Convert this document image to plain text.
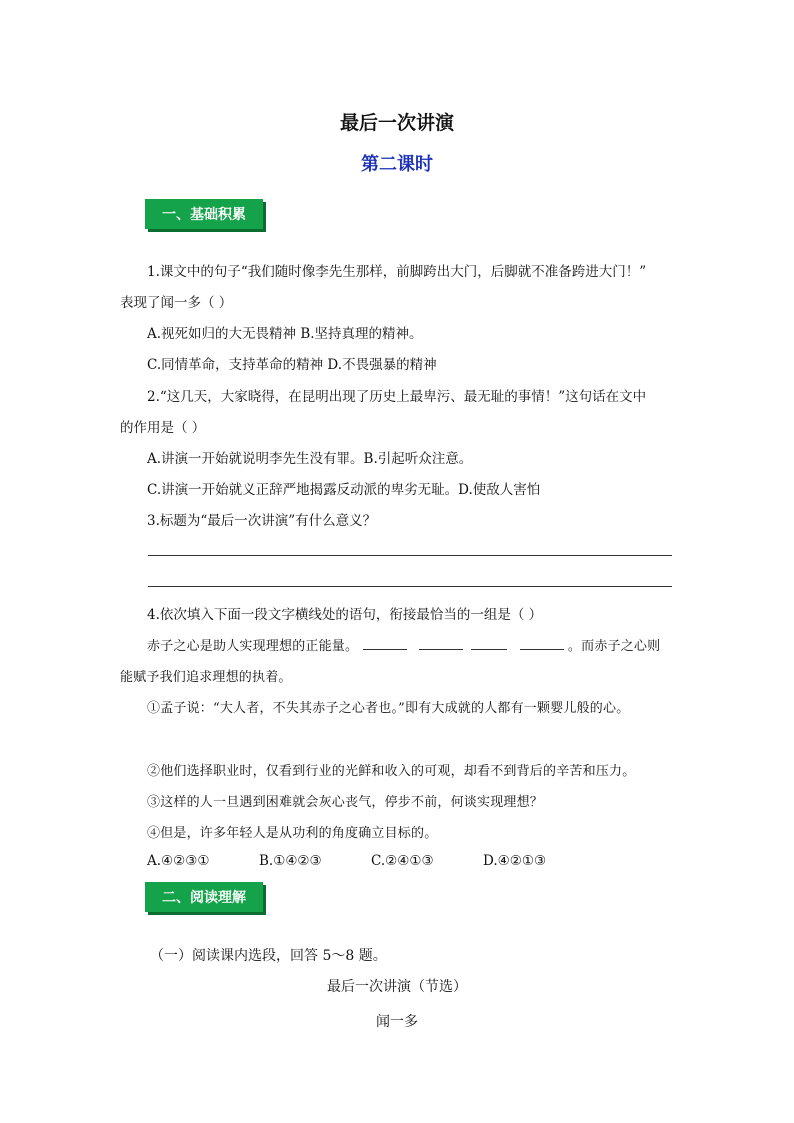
最后一次讲演
第二课时
一、基础积累
1.课文中的句子“我们随时像李先生那样，前脚跨出大门，后脚就不准备跨进大门！”
表现了闻一多（ ）
A.视死如归的大无畏精神 B.坚持真理的精神。
C.同情革命，支持革命的精神 D.不畏强暴的精神
2.“这几天，大家晓得，在昆明出现了历史上最卑污、最无耻的事情！”这句话在文中
的作用是（ ）
A.讲演一开始就说明李先生没有罪。B.引起听众注意。
C.讲演一开始就义正辞严地揭露反动派的卑劣无耻。D.使敌人害怕
3.标题为“最后一次讲演”有什么意义？
4.依次填入下面一段文字横线处的语句，衔接最恰当的一组是（ ）
赤子之心是助人实现理想的正能量。	。而赤子之心则
能赋予我们追求理想的执着。
①孟子说：“大人者，不失其赤子之心者也。”即有大成就的人都有一颗婴儿般的心。
②他们选择职业时，仅看到行业的光鲜和收入的可观，却看不到背后的辛苦和压力。
③这样的人一旦遇到困难就会灰心丧气，停步不前，何谈实现理想？
④但是，许多年轻人是从功利的角度确立目标的。
A.④②③①	B.①④②③	C.②④①③	D.④②①③
二、阅读理解
（一）阅读课内选段，回答 5～8 题。
最后一次讲演（节选）
闻一多
